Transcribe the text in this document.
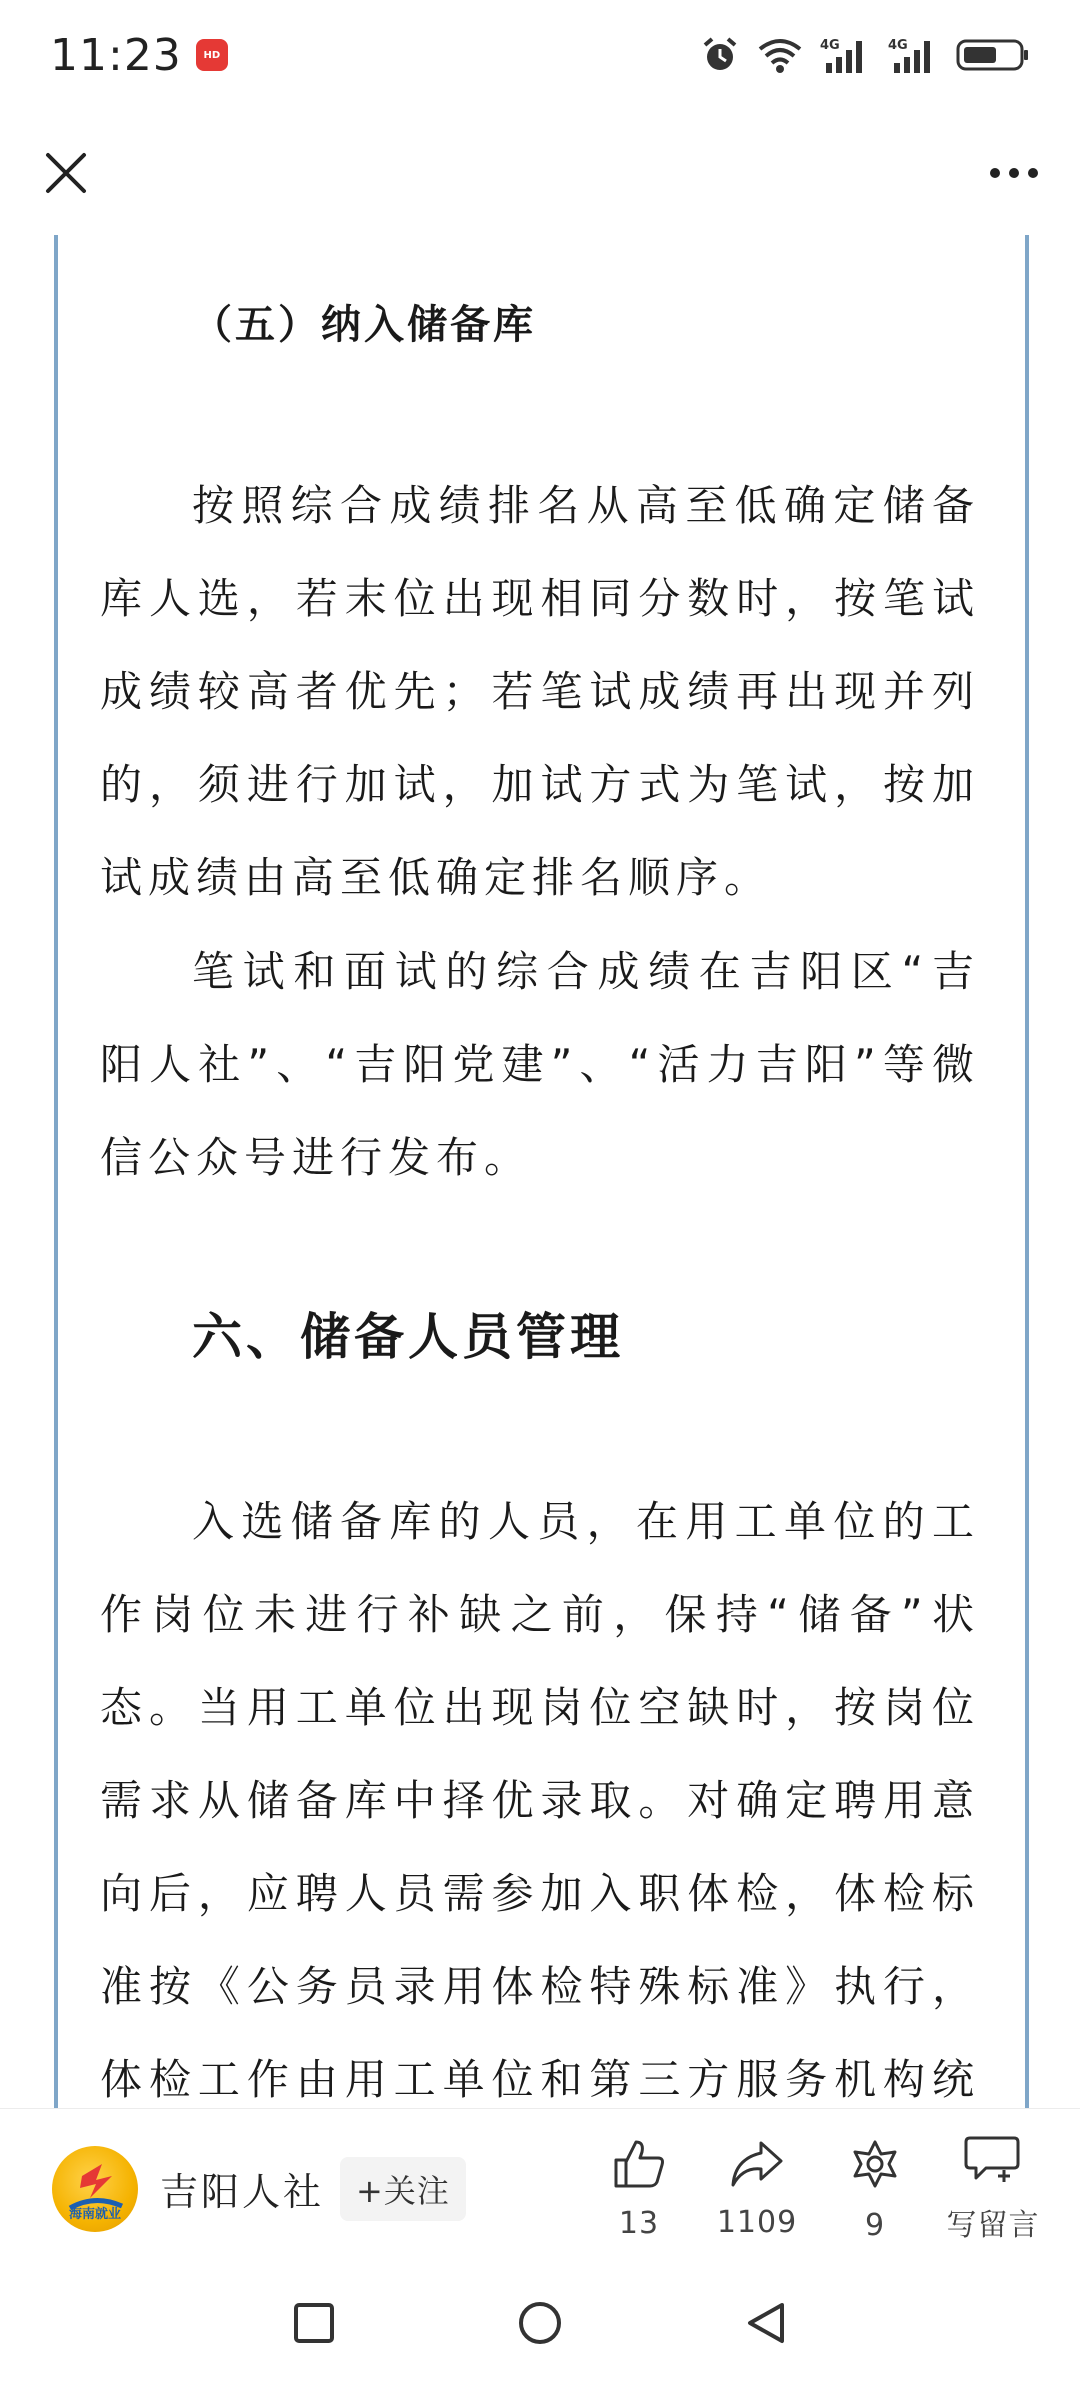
11:23	HD
4G	4G
（五）纳入储备库

按照综合成绩排名从高至低确定储备库人选，若末位出现相同分数时，按笔试成绩较高者优先；若笔试成绩再出现并列的，须进行加试，加试方式为笔试，按加试成绩由高至低确定排名顺序。

笔试和面试的综合成绩在吉阳区“吉阳人社”、“吉阳党建”、“活力吉阳”等微信公众号进行发布。

六、储备人员管理

入选储备库的人员，在用工单位的工作岗位未进行补缺之前，保持“储备”状态。当用工单位出现岗位空缺时，按岗位需求从储备库中择优录取。对确定聘用意向后，应聘人员需参加入职体检，体检标准按《公务员录用体检特殊标准》执行，体检工作由用工单位和第三方服务机构统

海南就业	吉阳人社	+关注
13 1109 9 写留言
